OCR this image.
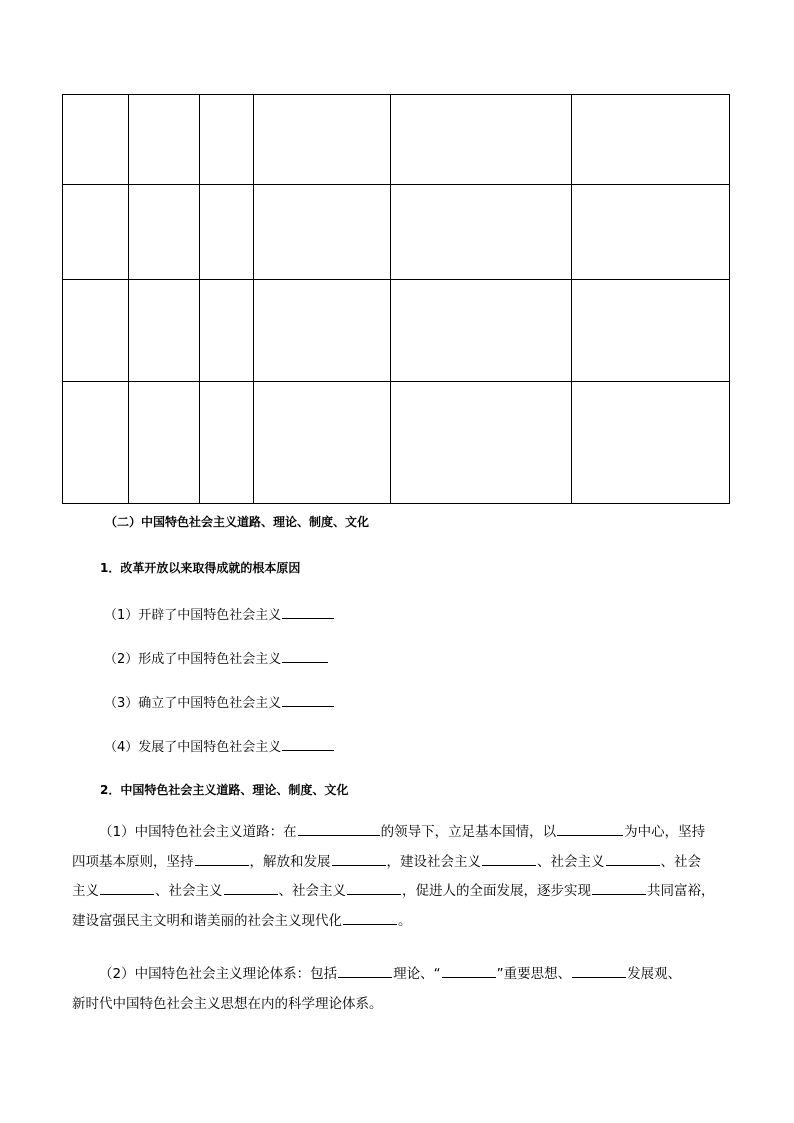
（二）中国特色社会主义道路、理论、制度、文化
1．改革开放以来取得成就的根本原因
（1）开辟了中国特色社会主义
（2）形成了中国特色社会主义
（3）确立了中国特色社会主义
（4）发展了中国特色社会主义
2．中国特色社会主义道路、理论、制度、文化
（1）中国特色社会主义道路：在	的领导下，立足基本国情，以	为中心，坚持
四项基本原则，坚持	，解放和发展	，建设社会主义	、社会主义	、社会
主义	、社会主义	、社会主义	，促进人的全面发展，逐步实现	共同富裕，
建设富强民主文明和谐美丽的社会主义现代化	。
（2）中国特色社会主义理论体系：包括	理论、“	”重要思想、	发展观、
新时代中国特色社会主义思想在内的科学理论体系。
